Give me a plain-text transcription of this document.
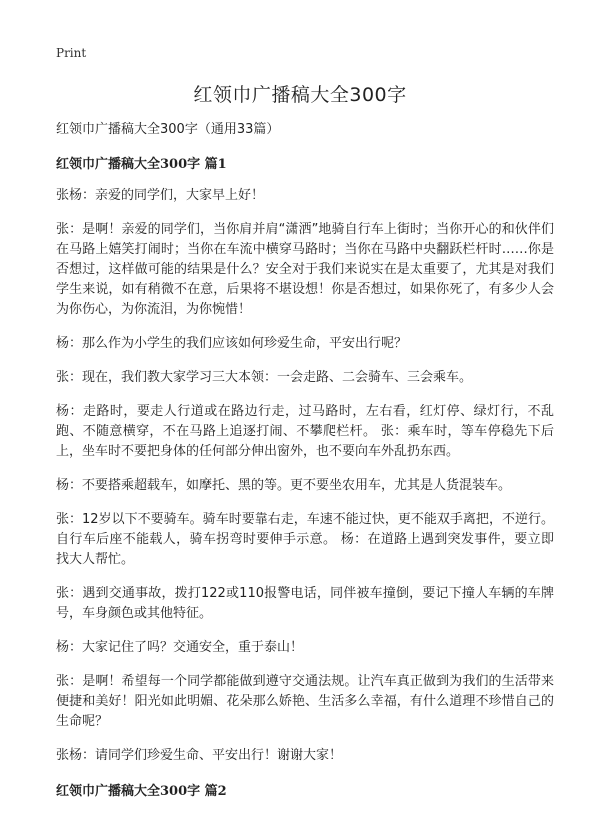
Print
红领巾广播稿大全300字

红领巾广播稿大全300字（通用33篇）

红领巾广播稿大全300字 篇1

张杨：亲爱的同学们，大家早上好！

张：是啊！亲爱的同学们，当你肩并肩“潇洒”地骑自行车上街时；当你开心的和伙伴们在马路上嬉笑打闹时；当你在车流中横穿马路时；当你在马路中央翻跃栏杆时……你是否想过，这样做可能的结果是什么？安全对于我们来说实在是太重要了，尤其是对我们学生来说，如有稍微不在意，后果将不堪设想！你是否想过，如果你死了，有多少人会为你伤心，为你流泪，为你惋惜！

杨：那么作为小学生的我们应该如何珍爱生命，平安出行呢？

张：现在，我们教大家学习三大本领：一会走路、二会骑车、三会乘车。

杨：走路时，要走人行道或在路边行走，过马路时，左右看，红灯停、绿灯行，不乱跑、不随意横穿，不在马路上追逐打闹、不攀爬栏杆。 张：乘车时，等车停稳先下后上，坐车时不要把身体的任何部分伸出窗外，也不要向车外乱扔东西。

杨：不要搭乘超载车，如摩托、黑的等。更不要坐农用车，尤其是人货混装车。

张：12岁以下不要骑车。骑车时要靠右走，车速不能过快，更不能双手离把，不逆行。自行车后座不能载人，骑车拐弯时要伸手示意。 杨：在道路上遇到突发事件，要立即找大人帮忙。

张：遇到交通事故，拨打122或110报警电话，同伴被车撞倒，要记下撞人车辆的车牌号，车身颜色或其他特征。

杨：大家记住了吗？交通安全，重于泰山！

张：是啊！希望每一个同学都能做到遵守交通法规。让汽车真正做到为我们的生活带来便捷和美好！阳光如此明媚、花朵那么娇艳、生活多么幸福，有什么道理不珍惜自己的生命呢？

张杨：请同学们珍爱生命、平安出行！谢谢大家！

红领巾广播稿大全300字 篇2
